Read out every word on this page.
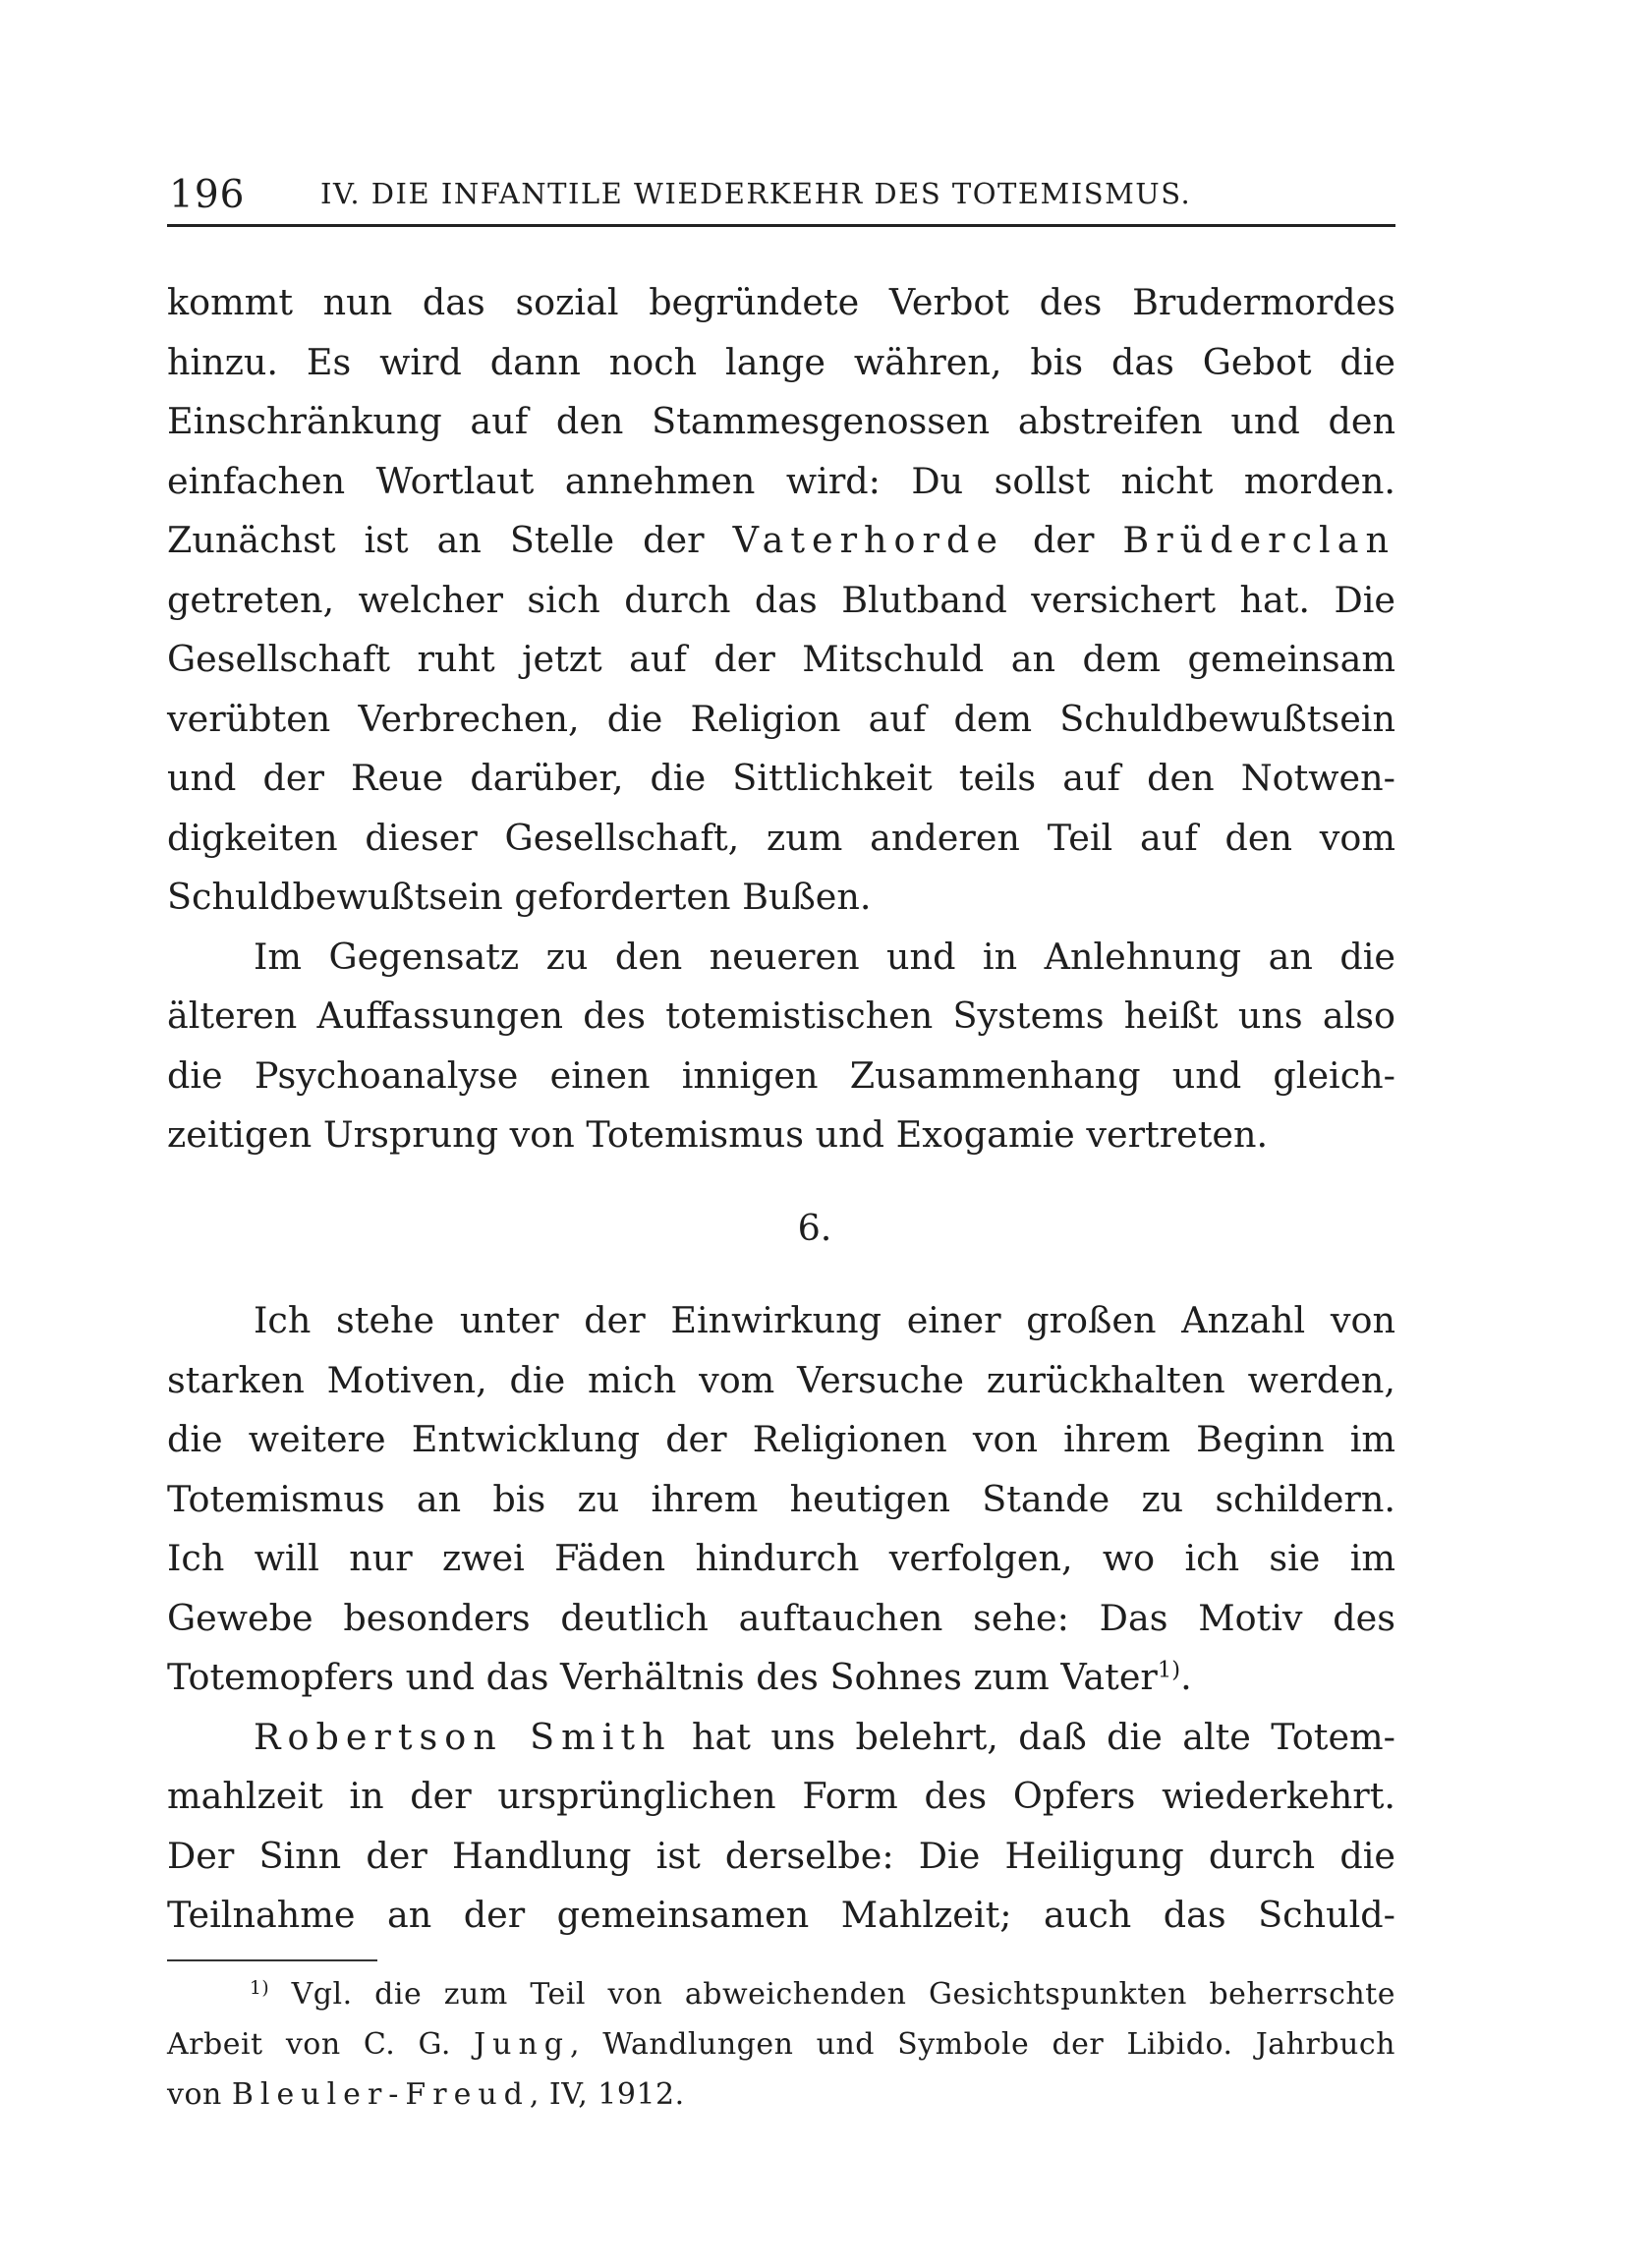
196	IV. DIE INFANTILE WIEDERKEHR DES TOTEMISMUS.
kommt nun das sozial begründete Verbot des Brudermordes
hinzu. Es wird dann noch lange währen, bis das Gebot die
Einschränkung auf den Stammesgenossen abstreifen und den
einfachen Wortlaut annehmen wird: Du sollst nicht morden.
Zunächst ist an Stelle der Vaterhorde der Brüderclan
getreten, welcher sich durch das Blutband versichert hat. Die
Gesellschaft ruht jetzt auf der Mitschuld an dem gemeinsam
verübten Verbrechen, die Religion auf dem Schuldbewußtsein
und der Reue darüber, die Sittlichkeit teils auf den Notwen-
digkeiten dieser Gesellschaft, zum anderen Teil auf den vom
Schuldbewußtsein geforderten Bußen.
Im Gegensatz zu den neueren und in Anlehnung an die
älteren Auffassungen des totemistischen Systems heißt uns also
die Psychoanalyse einen innigen Zusammenhang und gleich-
zeitigen Ursprung von Totemismus und Exogamie vertreten.
6.
Ich stehe unter der Einwirkung einer großen Anzahl von
starken Motiven, die mich vom Versuche zurückhalten werden,
die weitere Entwicklung der Religionen von ihrem Beginn im
Totemismus an bis zu ihrem heutigen Stande zu schildern.
Ich will nur zwei Fäden hindurch verfolgen, wo ich sie im
Gewebe besonders deutlich auftauchen sehe: Das Motiv des
Totemopfers und das Verhältnis des Sohnes zum Vater$^{1)}$.
Robertson Smith hat uns belehrt, daß die alte Totem-
mahlzeit in der ursprünglichen Form des Opfers wiederkehrt.
Der Sinn der Handlung ist derselbe: Die Heiligung durch die
Teilnahme an der gemeinsamen Mahlzeit; auch das Schuld-
$^{1)}$ Vgl. die zum Teil von abweichenden Gesichtspunkten beherrschte
Arbeit von C. G. Jung, Wandlungen und Symbole der Libido. Jahrbuch
von Bleuler-Freud, IV, 1912.
